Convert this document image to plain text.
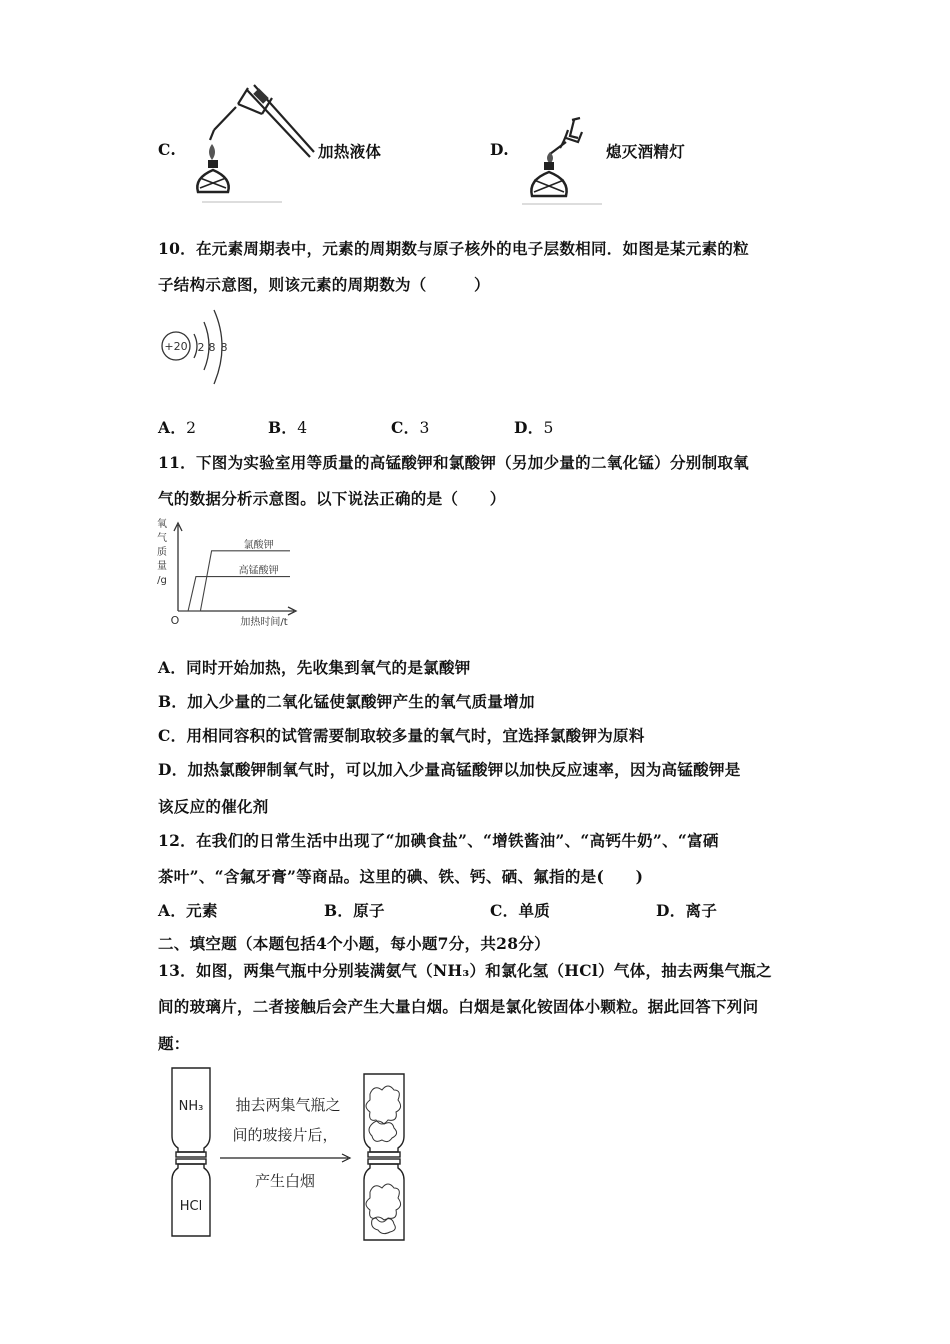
C.	加热液体	D.	熄灭酒精灯
10．在元素周期表中，元素的周期数与原子核外的电子层数相同．如图是某元素的粒
子结构示意图，则该元素的周期数为（　　　）
+20 2 8 8
A．2	B．4	C．3	D．5
11．下图为实验室用等质量的高锰酸钾和氯酸钾（另加少量的二氧化锰）分别制取氧
气的数据分析示意图。以下说法正确的是（　　）
氧
气
质
量
/g
O	加热时间/t
氯酸钾
高锰酸钾
A．同时开始加热，先收集到氧气的是氯酸钾
B．加入少量的二氧化锰使氯酸钾产生的氧气质量增加
C．用相同容积的试管需要制取较多量的氧气时，宜选择氯酸钾为原料
D．加热氯酸钾制氧气时，可以加入少量高锰酸钾以加快反应速率，因为高锰酸钾是
该反应的催化剂
12．在我们的日常生活中出现了“加碘食盐”、“增铁酱油”、“高钙牛奶”、“富硒
茶叶”、“含氟牙膏”等商品。这里的碘、铁、钙、硒、氟指的是(　　)
A．元素	B．原子	C．单质	D．离子
二、填空题（本题包括4个小题，每小题7分，共28分）
13．如图，两集气瓶中分别装满氨气（NH₃）和氯化氢（HCl）气体，抽去两集气瓶之
间的玻璃片，二者接触后会产生大量白烟。白烟是氯化铵固体小颗粒。据此回答下列问
题：
NH₃
HCl
抽去两集气瓶之
间的玻接片后，
产生白烟
